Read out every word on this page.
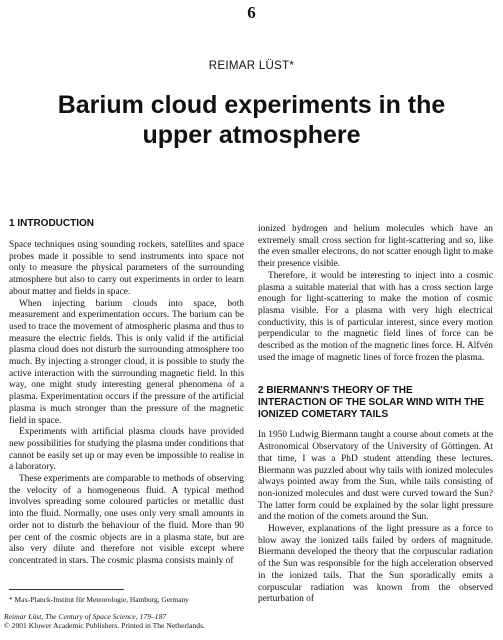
6
REIMAR LÜST*
Barium cloud experiments in the
upper atmosphere
1 INTRODUCTION

Space techniques using sounding rockets, satellites and space probes made it possible to send instruments into space not only to measure the physical parameters of the surrounding atmosphere but also to carry out experiments in order to learn about matter and fields in space.

When injecting barium clouds into space, both measurement and experimentation occurs. The barium can be used to trace the movement of atmospheric plasma and thus to measure the electric fields. This is only valid if the artificial plasma cloud does not disturb the surrounding atmosphere too much. By injecting a stronger cloud, it is possible to study the active interaction with the surrounding magnetic field. In this way, one might study interesting general phenomena of a plasma. Experimentation occurs if the pressure of the artificial plasma is much stronger than the pressure of the magnetic field in space.

Experiments with artificial plasma clouds have provided new possibilities for studying the plasma under conditions that cannot be easily set up or may even be impossible to realise in a laboratory.

These experiments are comparable to methods of observing the velocity of a homogeneous fluid. A typical method involves spreading some coloured particles or metallic dust into the fluid. Normally, one uses only very small amounts in order not to disturb the behaviour of the fluid. More than 90 per cent of the cosmic objects are in a plasma state, but are also very dilute and therefore not visible except where concentrated in stars. The cosmic plasma consists mainly of

ionized hydrogen and helium molecules which have an extremely small cross section for light-scattering and so, like the even smaller electrons, do not scatter enough light to make their presence visible.

Therefore, it would be interesting to inject into a cosmic plasma a suitable material that with has a cross section large enough for light-scattering to make the motion of cosmic plasma visible. For a plasma with very high electrical conductivity, this is of particular interest, since every motion perpendicular to the magnetic field lines of force can be described as the motion of the magnetic lines force. H. Alfvén used the image of magnetic lines of force frozen the plasma.

2 BIERMANN'S THEORY OF THE
INTERACTION OF THE SOLAR WIND WITH THE
IONIZED COMETARY TAILS

In 1950 Ludwig Biermann taught a course about comets at the Astronomical Observatory of the University of Göttingen. At that time, I was a PhD student attending these lectures. Biermann was puzzled about why tails with ionized molecules always pointed away from the Sun, while tails consisting of non-ionized molecules and dust were curved toward the Sun? The latter form could be explained by the solar light pressure and the motion of the comets around the Sun.

However, explanations of the light pressure as a force to blow away the ionized tails failed by orders of magnitude. Biermann developed the theory that the corpuscular radiation of the Sun was responsible for the high acceleration observed in the ionized tails. That the Sun sporadically emits a corpuscular radiation was known from the observed perturbation of

* Max-Planck-Institut für Meteorologie, Hamburg, Germany
Reimar Lüst, The Century of Space Science, 179–187
© 2001 Kluwer Academic Publishers. Printed in The Netherlands.
